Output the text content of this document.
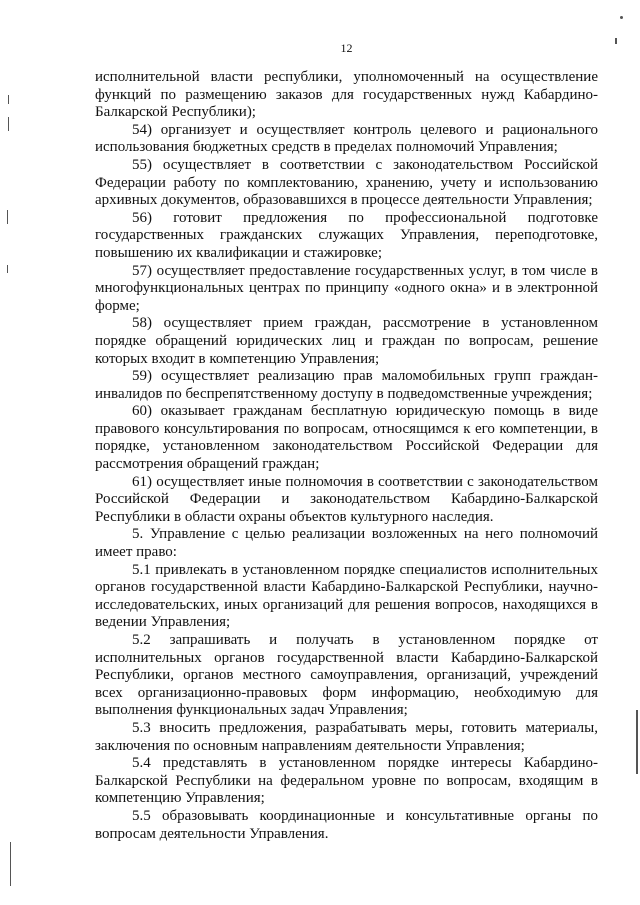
12

исполнительной власти республики, уполномоченный на осуществление функций по размещению заказов для государственных нужд Кабардино-Балкарской Республики);

54) организует и осуществляет контроль целевого и рационального использования бюджетных средств в пределах полномочий Управления;

55) осуществляет в соответствии с законодательством Российской Федерации работу по комплектованию, хранению, учету и использованию архивных документов, образовавшихся в процессе деятельности Управления;

56) готовит предложения по профессиональной подготовке государственных гражданских служащих Управления, переподготовке, повышению их квалификации и стажировке;

57) осуществляет предоставление государственных услуг, в том числе в многофункциональных центрах по принципу «одного окна» и в электронной форме;

58) осуществляет прием граждан, рассмотрение в установленном порядке обращений юридических лиц и граждан по вопросам, решение которых входит в компетенцию Управления;

59) осуществляет реализацию прав маломобильных групп граждан-инвалидов по беспрепятственному доступу в подведомственные учреждения;

60) оказывает гражданам бесплатную юридическую помощь в виде правового консультирования по вопросам, относящимся к его компетенции, в порядке, установленном законодательством Российской Федерации для рассмотрения обращений граждан;

61) осуществляет иные полномочия в соответствии с законодательством Российской Федерации и законодательством Кабардино-Балкарской Республики в области охраны объектов культурного наследия.

5. Управление с целью реализации возложенных на него полномочий имеет право:

5.1 привлекать в установленном порядке специалистов исполнительных органов государственной власти Кабардино-Балкарской Республики, научно-исследовательских, иных организаций для решения вопросов, находящихся в ведении Управления;

5.2 запрашивать и получать в установленном порядке от исполнительных органов государственной власти Кабардино-Балкарской Республики, органов местного самоуправления, организаций, учреждений всех организационно-правовых форм информацию, необходимую для выполнения функциональных задач Управления;

5.3 вносить предложения, разрабатывать меры, готовить материалы, заключения по основным направлениям деятельности Управления;

5.4 представлять в установленном порядке интересы Кабардино-Балкарской Республики на федеральном уровне по вопросам, входящим в компетенцию Управления;

5.5 образовывать координационные и консультативные органы по вопросам деятельности Управления.
